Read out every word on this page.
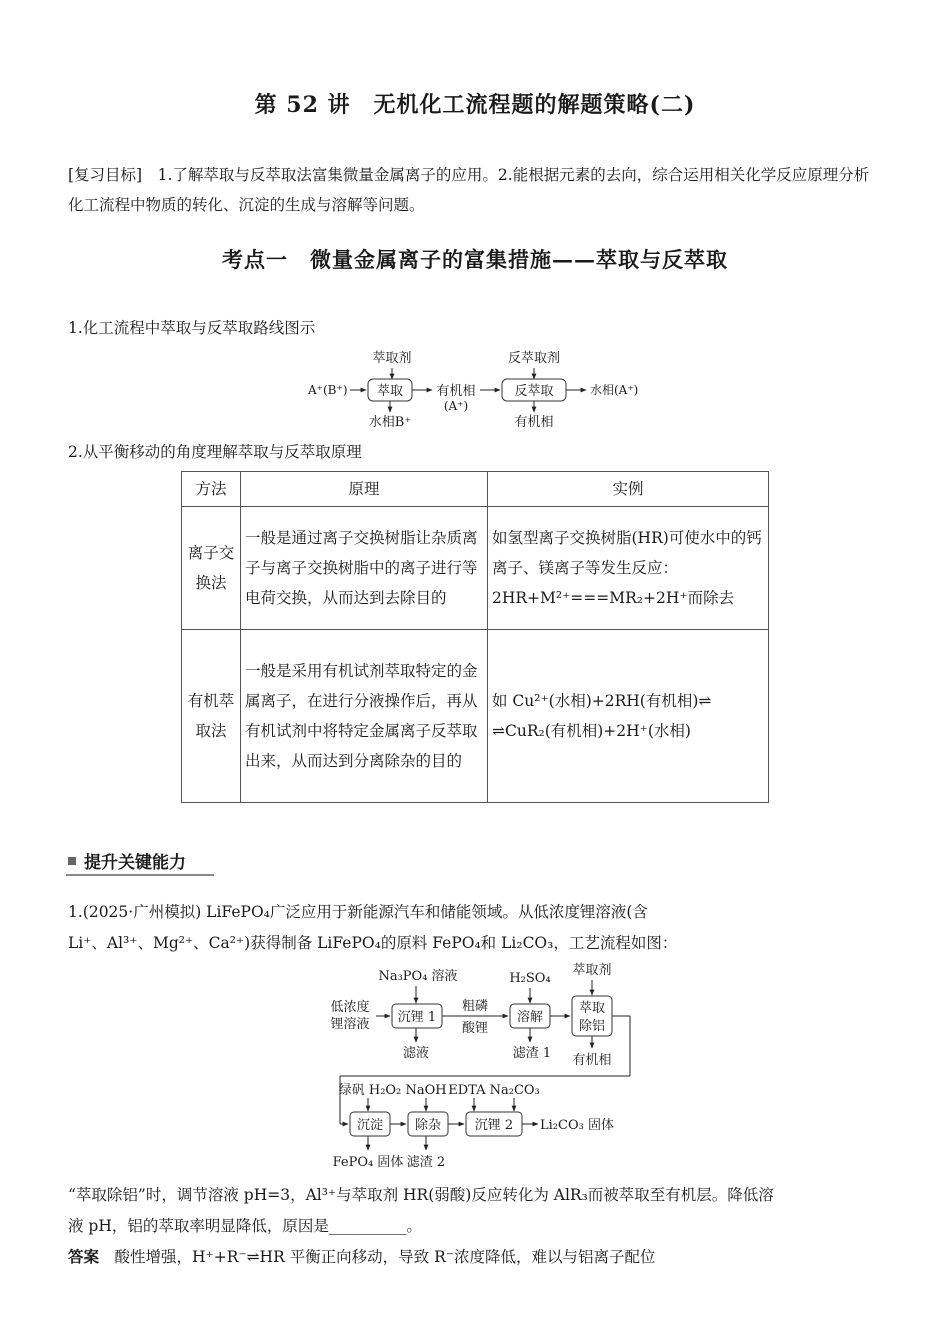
第 52 讲　无机化工流程题的解题策略(二)
[复习目标]　1.了解萃取与反萃取法富集微量金属离子的应用。2.能根据元素的去向，综合运用相关化学反应原理分析化工流程中物质的转化、沉淀的生成与溶解等问题。
考点一　微量金属离子的富集措施——萃取与反萃取
1.化工流程中萃取与反萃取路线图示
萃取剂
A⁺(B⁺) 萃取
水相B⁺
有机相
(A⁺)
反萃取剂
反萃取
有机相
水相(A⁺)
2.从平衡移动的角度理解萃取与反萃取原理
方法	原理	实例
离子交换法	一般是通过离子交换树脂让杂质离子与离子交换树脂中的离子进行等电荷交换，从而达到去除目的	如氢型离子交换树脂(HR)可使水中的钙离子、镁离子等发生反应：
2HR+M²⁺===MR₂+2H⁺而除去

有机萃取法	一般是采用有机试剂萃取特定的金属离子，在进行分液操作后，再从有机试剂中将特定金属离子反萃取出来，从而达到分离除杂的目的	如 Cu²⁺(水相)+2RH(有机相)⇌
⇌CuR₂(有机相)+2H⁺(水相)
提升关键能力
1.(2025·广州模拟) LiFePO₄广泛应用于新能源汽车和储能领域。从低浓度锂溶液(含
Li⁺、Al³⁺、Mg²⁺、Ca²⁺)获得制备 LiFePO₄的原料 FePO₄和 Li₂CO₃，工艺流程如图：
低浓度
锂溶液
Na₃PO₄ 溶液
沉锂 1
滤液
粗磷
酸锂
H₂SO₄
溶解
滤渣 1
萃取剂
萃取
除铝
有机相
绿矾 H₂O₂
沉淀
FePO₄ 固体
NaOH
除杂
滤渣 2
EDTA Na₂CO₃
沉锂 2 Li₂CO₃ 固体
“萃取除铝”时，调节溶液 pH=3，Al³⁺与萃取剂 HR(弱酸)反应转化为 AlR₃而被萃取至有机层。降低溶
液 pH，铝的萃取率明显降低，原因是__________。
答案　 酸性增强，H⁺+R⁻⇌HR 平衡正向移动，导致 R⁻浓度降低，难以与铝离子配位
